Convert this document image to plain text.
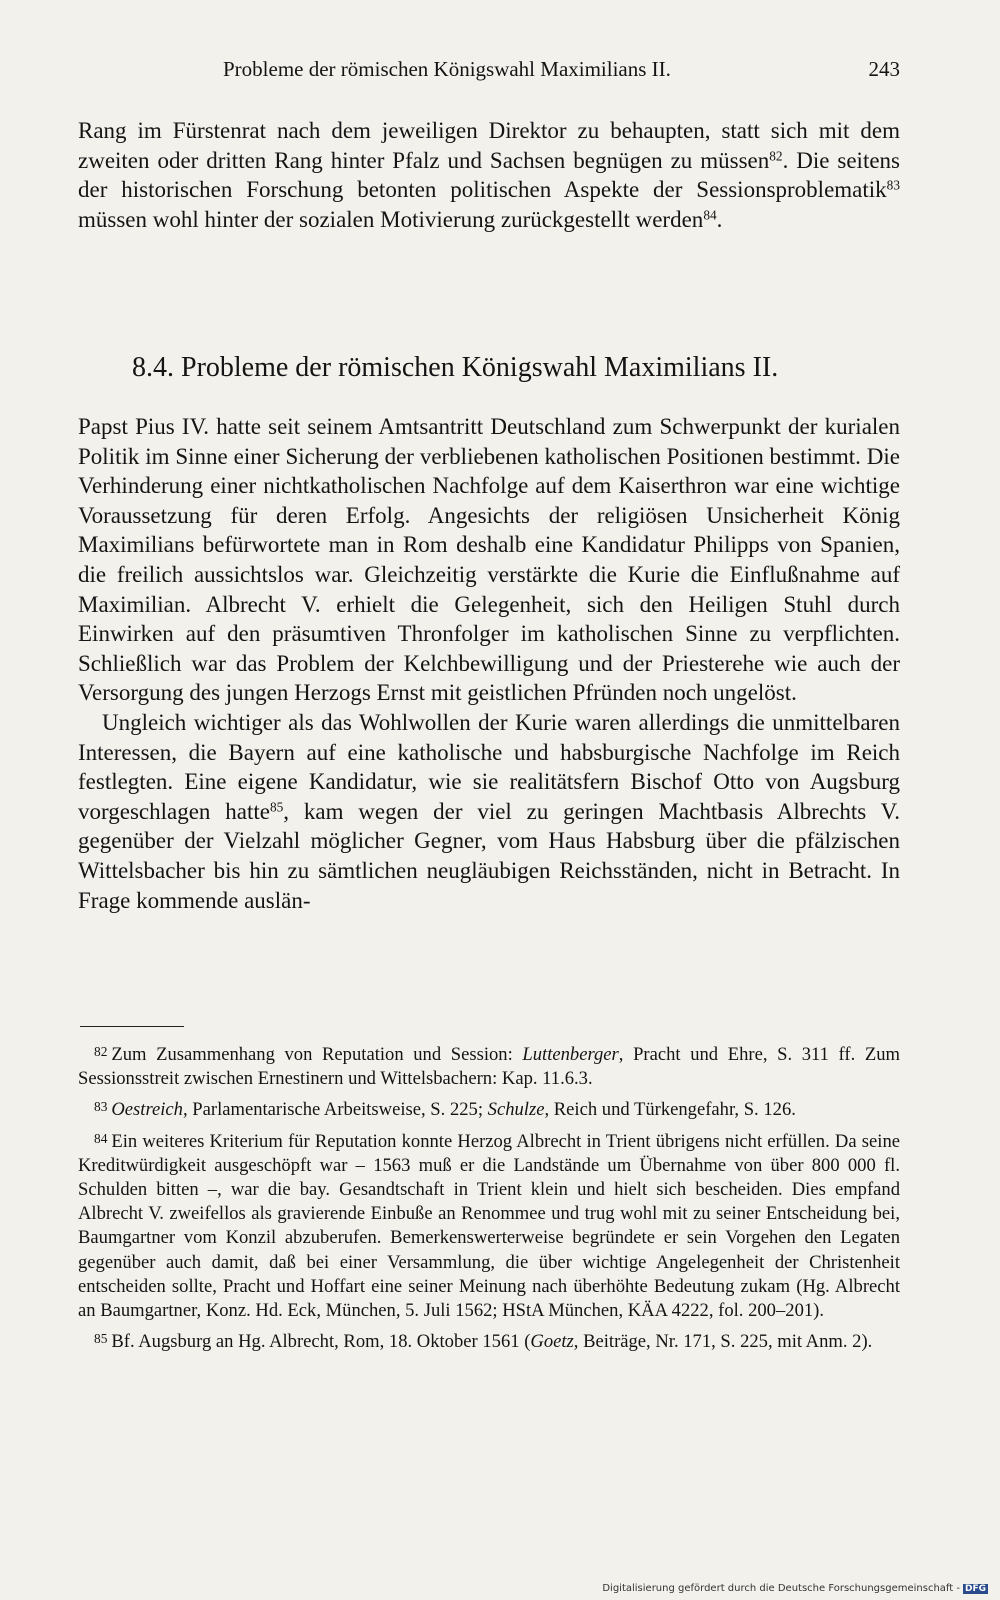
Probleme der römischen Königswahl Maximilians II.	243

Rang im Fürstenrat nach dem jeweiligen Direktor zu behaupten, statt sich mit dem zweiten oder dritten Rang hinter Pfalz und Sachsen begnügen zu müssen$^{82}$. Die seitens der historischen Forschung betonten politischen Aspekte der Sessionsproblematik$^{83}$ müssen wohl hinter der sozialen Motivierung zurückgestellt werden$^{84}$.

8.4. Probleme der römischen Königswahl Maximilians II.

Papst Pius IV. hatte seit seinem Amtsantritt Deutschland zum Schwerpunkt der kurialen Politik im Sinne einer Sicherung der verbliebenen katholischen Positionen bestimmt. Die Verhinderung einer nichtkatholischen Nachfolge auf dem Kaiserthron war eine wichtige Voraussetzung für deren Erfolg. Angesichts der religiösen Unsicherheit König Maximilians befürwortete man in Rom deshalb eine Kandidatur Philipps von Spanien, die freilich aussichtslos war. Gleichzeitig verstärkte die Kurie die Einflußnahme auf Maximilian. Albrecht V. erhielt die Gelegenheit, sich den Heiligen Stuhl durch Einwirken auf den präsumtiven Thronfolger im katholischen Sinne zu verpflichten. Schließlich war das Problem der Kelchbewilligung und der Priesterehe wie auch der Versorgung des jungen Herzogs Ernst mit geistlichen Pfründen noch ungelöst.

Ungleich wichtiger als das Wohlwollen der Kurie waren allerdings die unmittelbaren Interessen, die Bayern auf eine katholische und habsburgische Nachfolge im Reich festlegten. Eine eigene Kandidatur, wie sie realitätsfern Bischof Otto von Augsburg vorgeschlagen hatte$^{85}$, kam wegen der viel zu geringen Machtbasis Albrechts V. gegenüber der Vielzahl möglicher Gegner, vom Haus Habsburg über die pfälzischen Wittelsbacher bis hin zu sämtlichen neugläubigen Reichsständen, nicht in Betracht. In Frage kommende auslän-

$^{82}$ Zum Zusammenhang von Reputation und Session: Luttenberger, Pracht und Ehre, S. 311 ff. Zum Sessionsstreit zwischen Ernestinern und Wittelsbachern: Kap. 11.6.3.

$^{83}$ Oestreich, Parlamentarische Arbeitsweise, S. 225; Schulze, Reich und Türkengefahr, S. 126.

$^{84}$ Ein weiteres Kriterium für Reputation konnte Herzog Albrecht in Trient übrigens nicht erfüllen. Da seine Kreditwürdigkeit ausgeschöpft war – 1563 muß er die Landstände um Übernahme von über 800 000 fl. Schulden bitten –, war die bay. Gesandtschaft in Trient klein und hielt sich bescheiden. Dies empfand Albrecht V. zweifellos als gravierende Einbuße an Renommee und trug wohl mit zu seiner Entscheidung bei, Baumgartner vom Konzil abzuberufen. Bemerkenswerterweise begründete er sein Vorgehen den Legaten gegenüber auch damit, daß bei einer Versammlung, die über wichtige Angelegenheit der Christenheit entscheiden sollte, Pracht und Hoffart eine seiner Meinung nach überhöhte Bedeutung zukam (Hg. Albrecht an Baumgartner, Konz. Hd. Eck, München, 5. Juli 1562; HStA München, KÄA 4222, fol. 200–201).

$^{85}$ Bf. Augsburg an Hg. Albrecht, Rom, 18. Oktober 1561 (Goetz, Beiträge, Nr. 171, S. 225, mit Anm. 2).

Digitalisierung gefördert durch die Deutsche Forschungsgemeinschaft - DFG
